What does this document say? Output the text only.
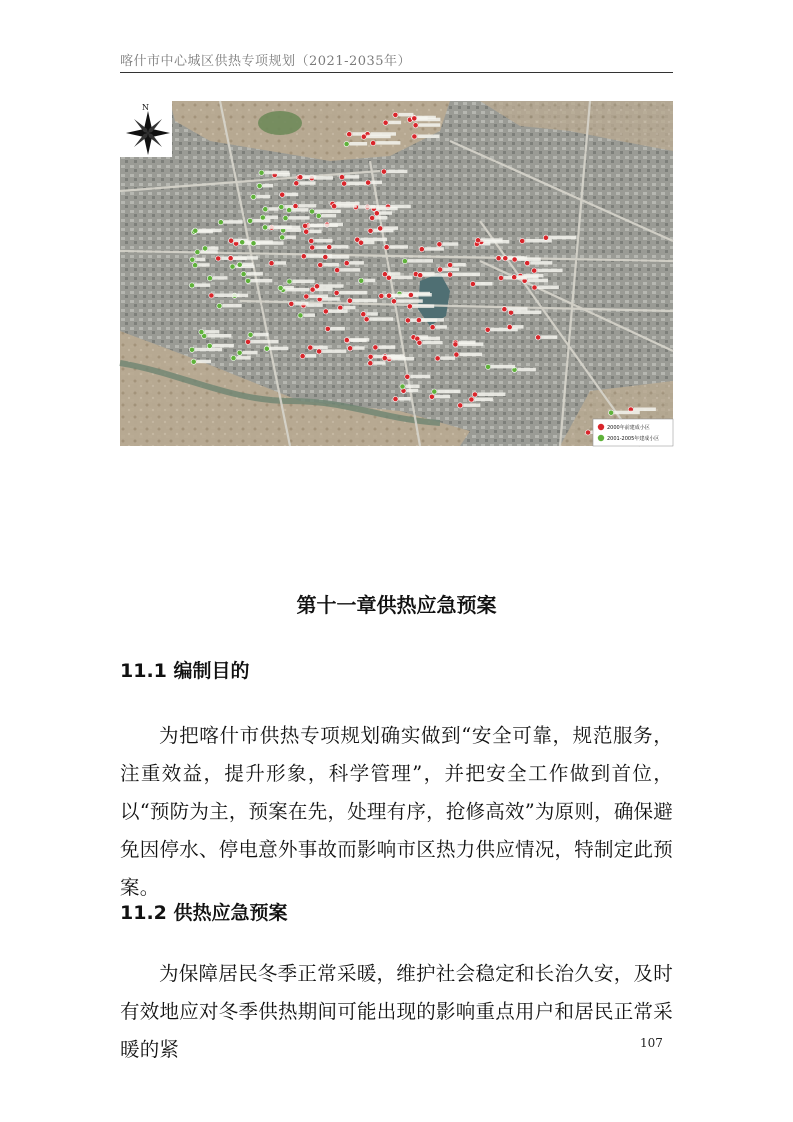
喀什市中心城区供热专项规划（2021-2035年）
N
2000年前建成小区
2001-2005年建成小区
第十一章供热应急预案
11.1 编制目的

为把喀什市供热专项规划确实做到“安全可靠，规范服务，注重效益，提升形象，科学管理”，并把安全工作做到首位，以“预防为主，预案在先，处理有序，抢修高效”为原则，确保避免因停水、停电意外事故而影响市区热力供应情况，特制定此预案。

11.2 供热应急预案

为保障居民冬季正常采暖，维护社会稳定和长治久安，及时有效地应对冬季供热期间可能出现的影响重点用户和居民正常采暖的紧	107
